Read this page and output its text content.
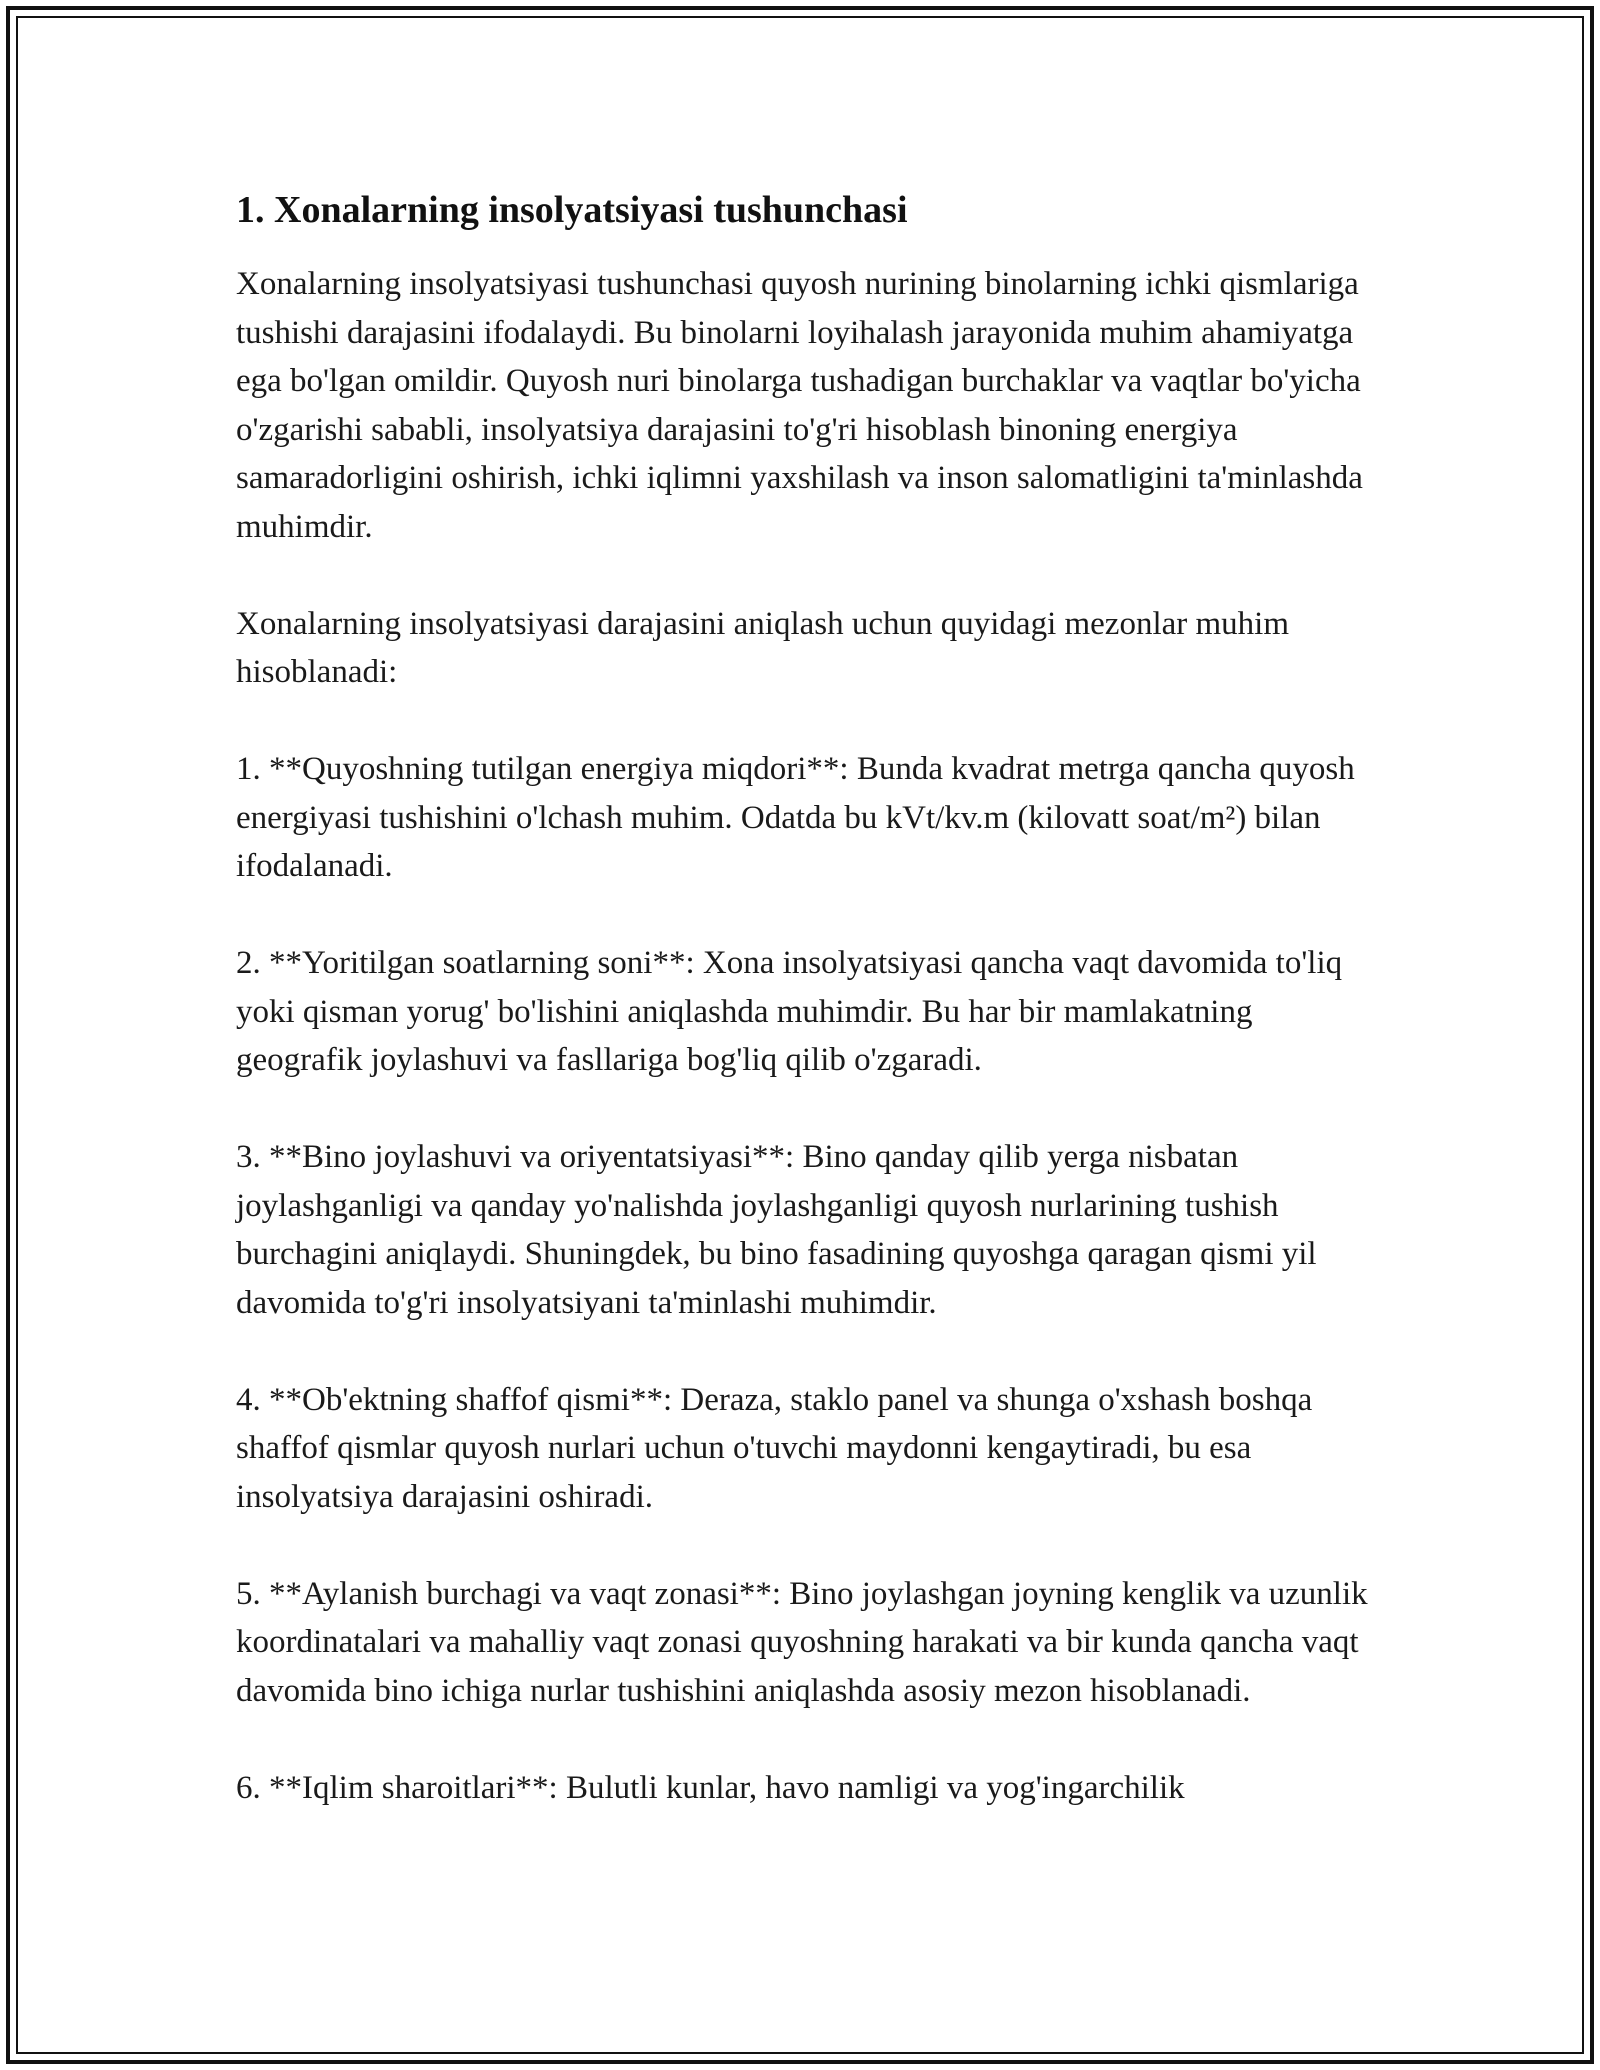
1. Xonalarning insolyatsiyasi tushunchasi

Xonalarning insolyatsiyasi tushunchasi quyosh nurining binolarning ichki qismlariga tushishi darajasini ifodalaydi. Bu binolarni loyihalash jarayonida muhim ahamiyatga ega bo'lgan omildir. Quyosh nuri binolarga tushadigan burchaklar va vaqtlar bo'yicha o'zgarishi sababli, insolyatsiya darajasini to'g'ri hisoblash binoning energiya samaradorligini oshirish, ichki iqlimni yaxshilash va inson salomatligini ta'minlashda muhimdir.

Xonalarning insolyatsiyasi darajasini aniqlash uchun quyidagi mezonlar muhim hisoblanadi:

1. **Quyoshning tutilgan energiya miqdori**: Bunda kvadrat metrga qancha quyosh energiyasi tushishini o'lchash muhim. Odatda bu kVt/kv.m (kilovatt soat/m²) bilan ifodalanadi.

2. **Yoritilgan soatlarning soni**: Xona insolyatsiyasi qancha vaqt davomida to'liq yoki qisman yorug' bo'lishini aniqlashda muhimdir. Bu har bir mamlakatning geografik joylashuvi va fasllariga bog'liq qilib o'zgaradi.

3. **Bino joylashuvi va oriyentatsiyasi**: Bino qanday qilib yerga nisbatan joylashganligi va qanday yo'nalishda joylashganligi quyosh nurlarining tushish burchagini aniqlaydi. Shuningdek, bu bino fasadining quyoshga qaragan qismi yil davomida to'g'ri insolyatsiyani ta'minlashi muhimdir.

4. **Ob'ektning shaffof qismi**: Deraza, staklo panel va shunga o'xshash boshqa shaffof qismlar quyosh nurlari uchun o'tuvchi maydonni kengaytiradi, bu esa insolyatsiya darajasini oshiradi.

5. **Aylanish burchagi va vaqt zonasi**: Bino joylashgan joyning kenglik va uzunlik koordinatalari va mahalliy vaqt zonasi quyoshning harakati va bir kunda qancha vaqt davomida bino ichiga nurlar tushishini aniqlashda asosiy mezon hisoblanadi.

6. **Iqlim sharoitlari**: Bulutli kunlar, havo namligi va yog'ingarchilik
